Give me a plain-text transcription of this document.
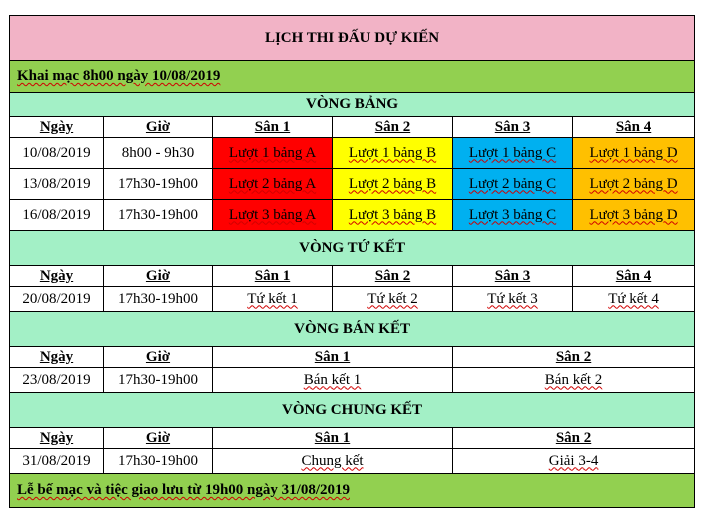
LỊCH THI ĐẤU DỰ KIẾN					
Khai mạc 8h00 ngày 10/08/2019					
VÒNG BẢNG					
Ngày	Giờ	Sân 1	Sân 2	Sân 3	Sân 4
10/08/2019	8h00 - 9h30	Lượt 1 bảng A	Lượt 1 bảng B	Lượt 1 bảng C	Lượt 1 bảng D
13/08/2019	17h30-19h00	Lượt 2 bảng A	Lượt 2 bảng B	Lượt 2 bảng C	Lượt 2 bảng D
16/08/2019	17h30-19h00	Lượt 3 bảng A	Lượt 3 bảng B	Lượt 3 bảng C	Lượt 3 bảng D
VÒNG TỨ KẾT					
Ngày	Giờ	Sân 1	Sân 2	Sân 3	Sân 4
20/08/2019	17h30-19h00	Tứ kết 1	Tứ kết 2	Tứ kết 3	Tứ kết 4
VÒNG BÁN KẾT					
Ngày	Giờ	Sân 1		Sân 2	
23/08/2019	17h30-19h00	Bán kết 1		Bán kết 2	
VÒNG CHUNG KẾT					
Ngày	Giờ	Sân 1		Sân 2	
31/08/2019	17h30-19h00	Chung kết		Giải 3-4	
Lễ bế mạc và tiệc giao lưu từ 19h00 ngày 31/08/2019					
